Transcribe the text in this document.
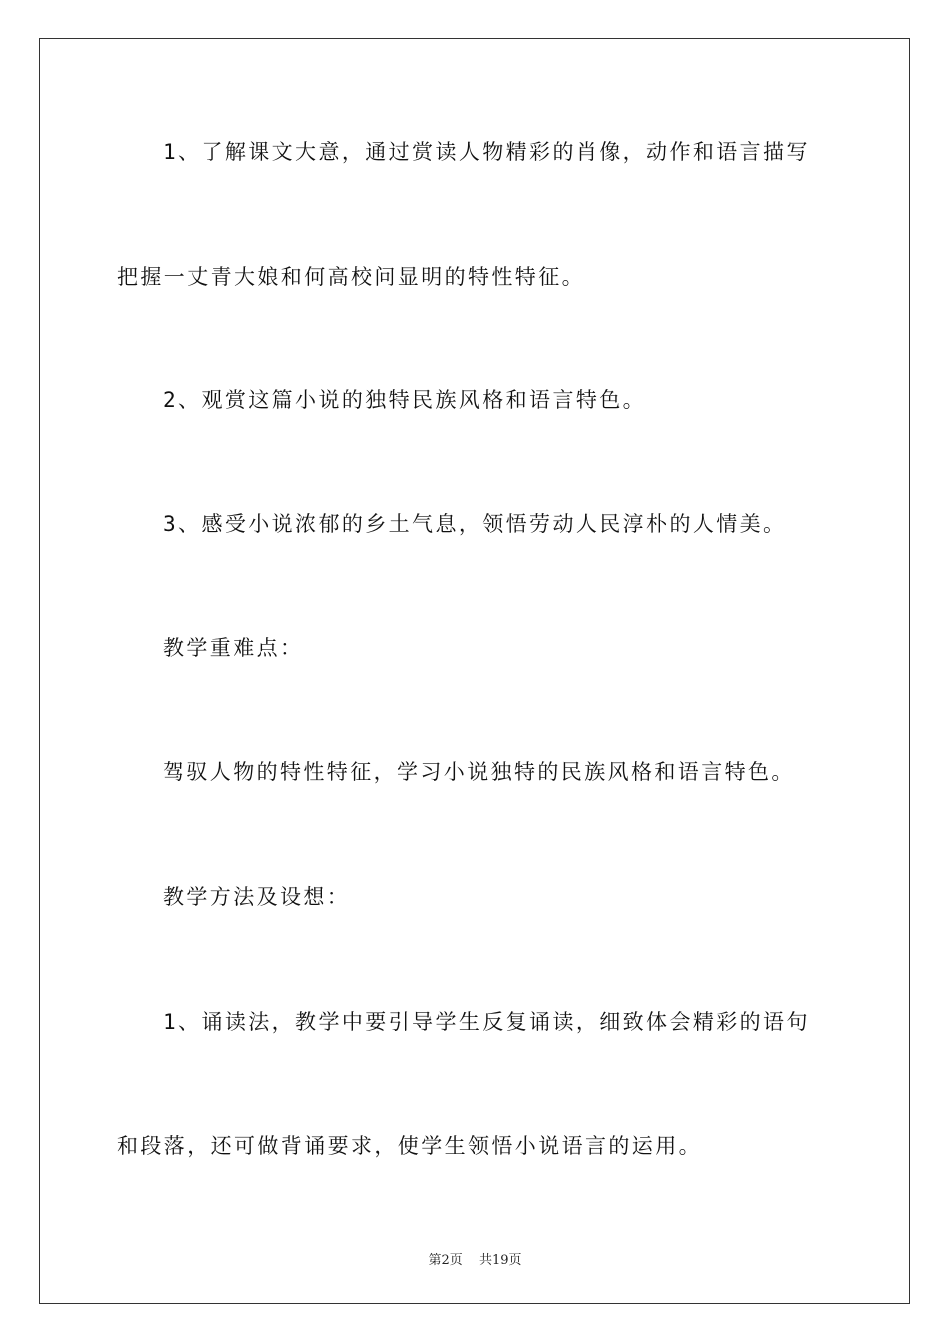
1、了解课文大意，通过赏读人物精彩的肖像，动作和语言描写
把握一丈青大娘和何高校问显明的特性特征。
2、观赏这篇小说的独特民族风格和语言特色。
3、感受小说浓郁的乡土气息，领悟劳动人民淳朴的人情美。
教学重难点：
驾驭人物的特性特征，学习小说独特的民族风格和语言特色。
教学方法及设想：
1、诵读法，教学中要引导学生反复诵读，细致体会精彩的语句
和段落，还可做背诵要求，使学生领悟小说语言的运用。
第2页 共19页
